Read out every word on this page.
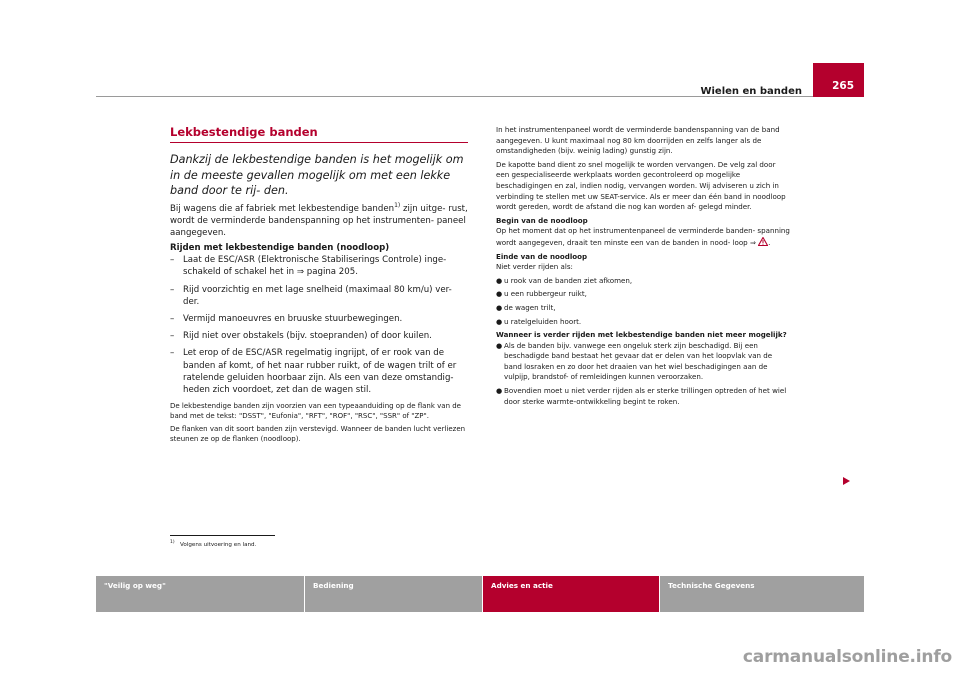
Wielen en banden	265
Lekbestendige banden

Dankzij de lekbestendige banden is het mogelijk om in de meeste gevallen mogelijk om met een lekke band door te rij- den.

Bij wagens die af fabriek met lekbestendige banden$^{1)}$ zijn uitge- rust, wordt de verminderde bandenspanning op het instrumenten- paneel aangegeven.

Rijden met lekbestendige banden (noodloop)

– Laat de ESC/ASR (Elektronische Stabiliserings Controle) inge- schakeld of schakel het in ⇒ pagina 205.
– Rijd voorzichtig en met lage snelheid (maximaal 80 km/u) ver- der.
– Vermijd manoeuvres en bruuske stuurbewegingen.
– Rijd niet over obstakels (bijv. stoepranden) of door kuilen.
– Let erop of de ESC/ASR regelmatig ingrijpt, of er rook van de banden af komt, of het naar rubber ruikt, of de wagen trilt of er ratelende geluiden hoorbaar zijn. Als een van deze omstandig- heden zich voordoet, zet dan de wagen stil.

De lekbestendige banden zijn voorzien van een typeaanduiding op de flank van de band met de tekst: "DSST", "Eufonia", "RFT", "ROF", "RSC", "SSR" of "ZP".

De flanken van dit soort banden zijn verstevigd. Wanneer de banden lucht verliezen steunen ze op de flanken (noodloop).

$^{1)}$ Volgens uitvoering en land.

In het instrumentenpaneel wordt de verminderde bandenspanning van de band aangegeven. U kunt maximaal nog 80 km doorrijden en zelfs langer als de omstandigheden (bijv. weinig lading) gunstig zijn.

De kapotte band dient zo snel mogelijk te worden vervangen. De velg zal door een gespecialiseerde werkplaats worden gecontroleerd op mogelijke beschadigingen en zal, indien nodig, vervangen worden. Wij adviseren u zich in verbinding te stellen met uw SEAT-service. Als er meer dan één band in noodloop wordt gereden, wordt de afstand die nog kan worden af- gelegd minder.

Begin van de noodloop

Op het moment dat op het instrumentenpaneel de verminderde banden- spanning wordt aangegeven, draait ten minste een van de banden in nood- loop ⇒ .

Einde van de noodloop

Niet verder rijden als:

● u rook van de banden ziet afkomen,
● u een rubbergeur ruikt,
● de wagen trilt,
● u ratelgeluiden hoort.

Wanneer is verder rijden met lekbestendige banden niet meer mogelijk?

● Als de banden bijv. vanwege een ongeluk sterk zijn beschadigd. Bij een beschadigde band bestaat het gevaar dat er delen van het loopvlak van de band losraken en zo door het draaien van het wiel beschadigingen aan de vulpijp, brandstof- of remleidingen kunnen veroorzaken.
● Bovendien moet u niet verder rijden als er sterke trillingen optreden of het wiel door sterke warmte-ontwikkeling begint te roken.
"Veilig op weg"	Bediening	Advies en actie	Technische Gegevens
carmanualsonline.info
